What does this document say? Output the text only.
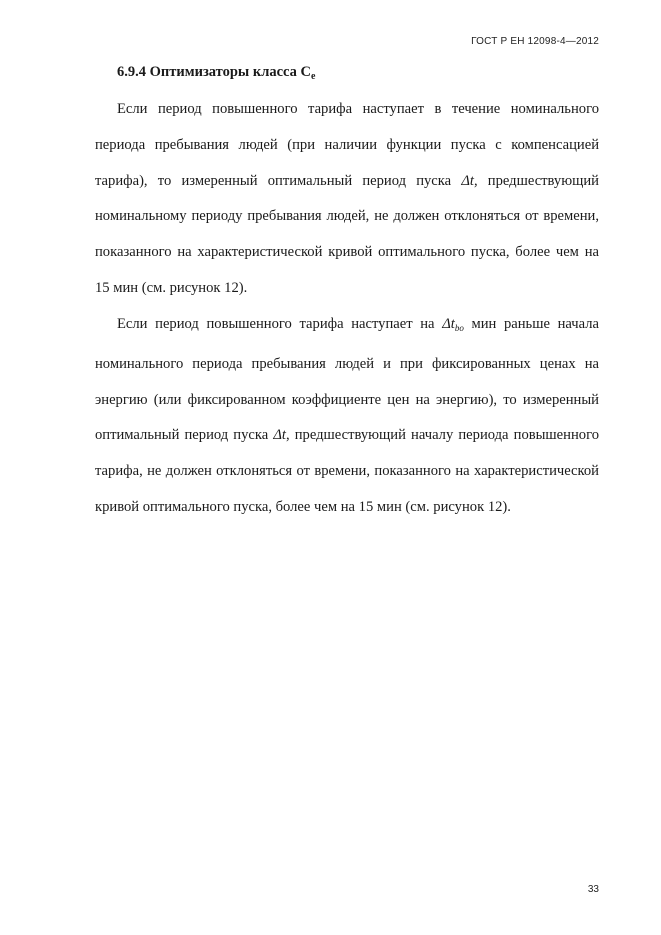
ГОСТ Р ЕН 12098-4—2012
6.9.4 Оптимизаторы класса $С_e$

Если период повышенного тарифа наступает в течение номинального периода пребывания людей (при наличии функции пуска с компенсацией тарифа), то измеренный оптимальный период пуска Δt, предшествующий номинальному периоду пребывания людей, не должен отклоняться от времени, показанного на характеристической кривой оптимального пуска, более чем на 15 мин (см. рисунок 12).

Если период повышенного тарифа наступает на $\Delta t_{bo}$ мин раньше начала номинального периода пребывания людей и при фиксированных ценах на энергию (или фиксированном коэффициенте цен на энергию), то измеренный оптимальный период пуска Δt, предшествующий началу периода повышенного тарифа, не должен отклоняться от времени, показанного на характеристической кривой оптимального пуска, более чем на 15 мин (см. рисунок 12).

33
